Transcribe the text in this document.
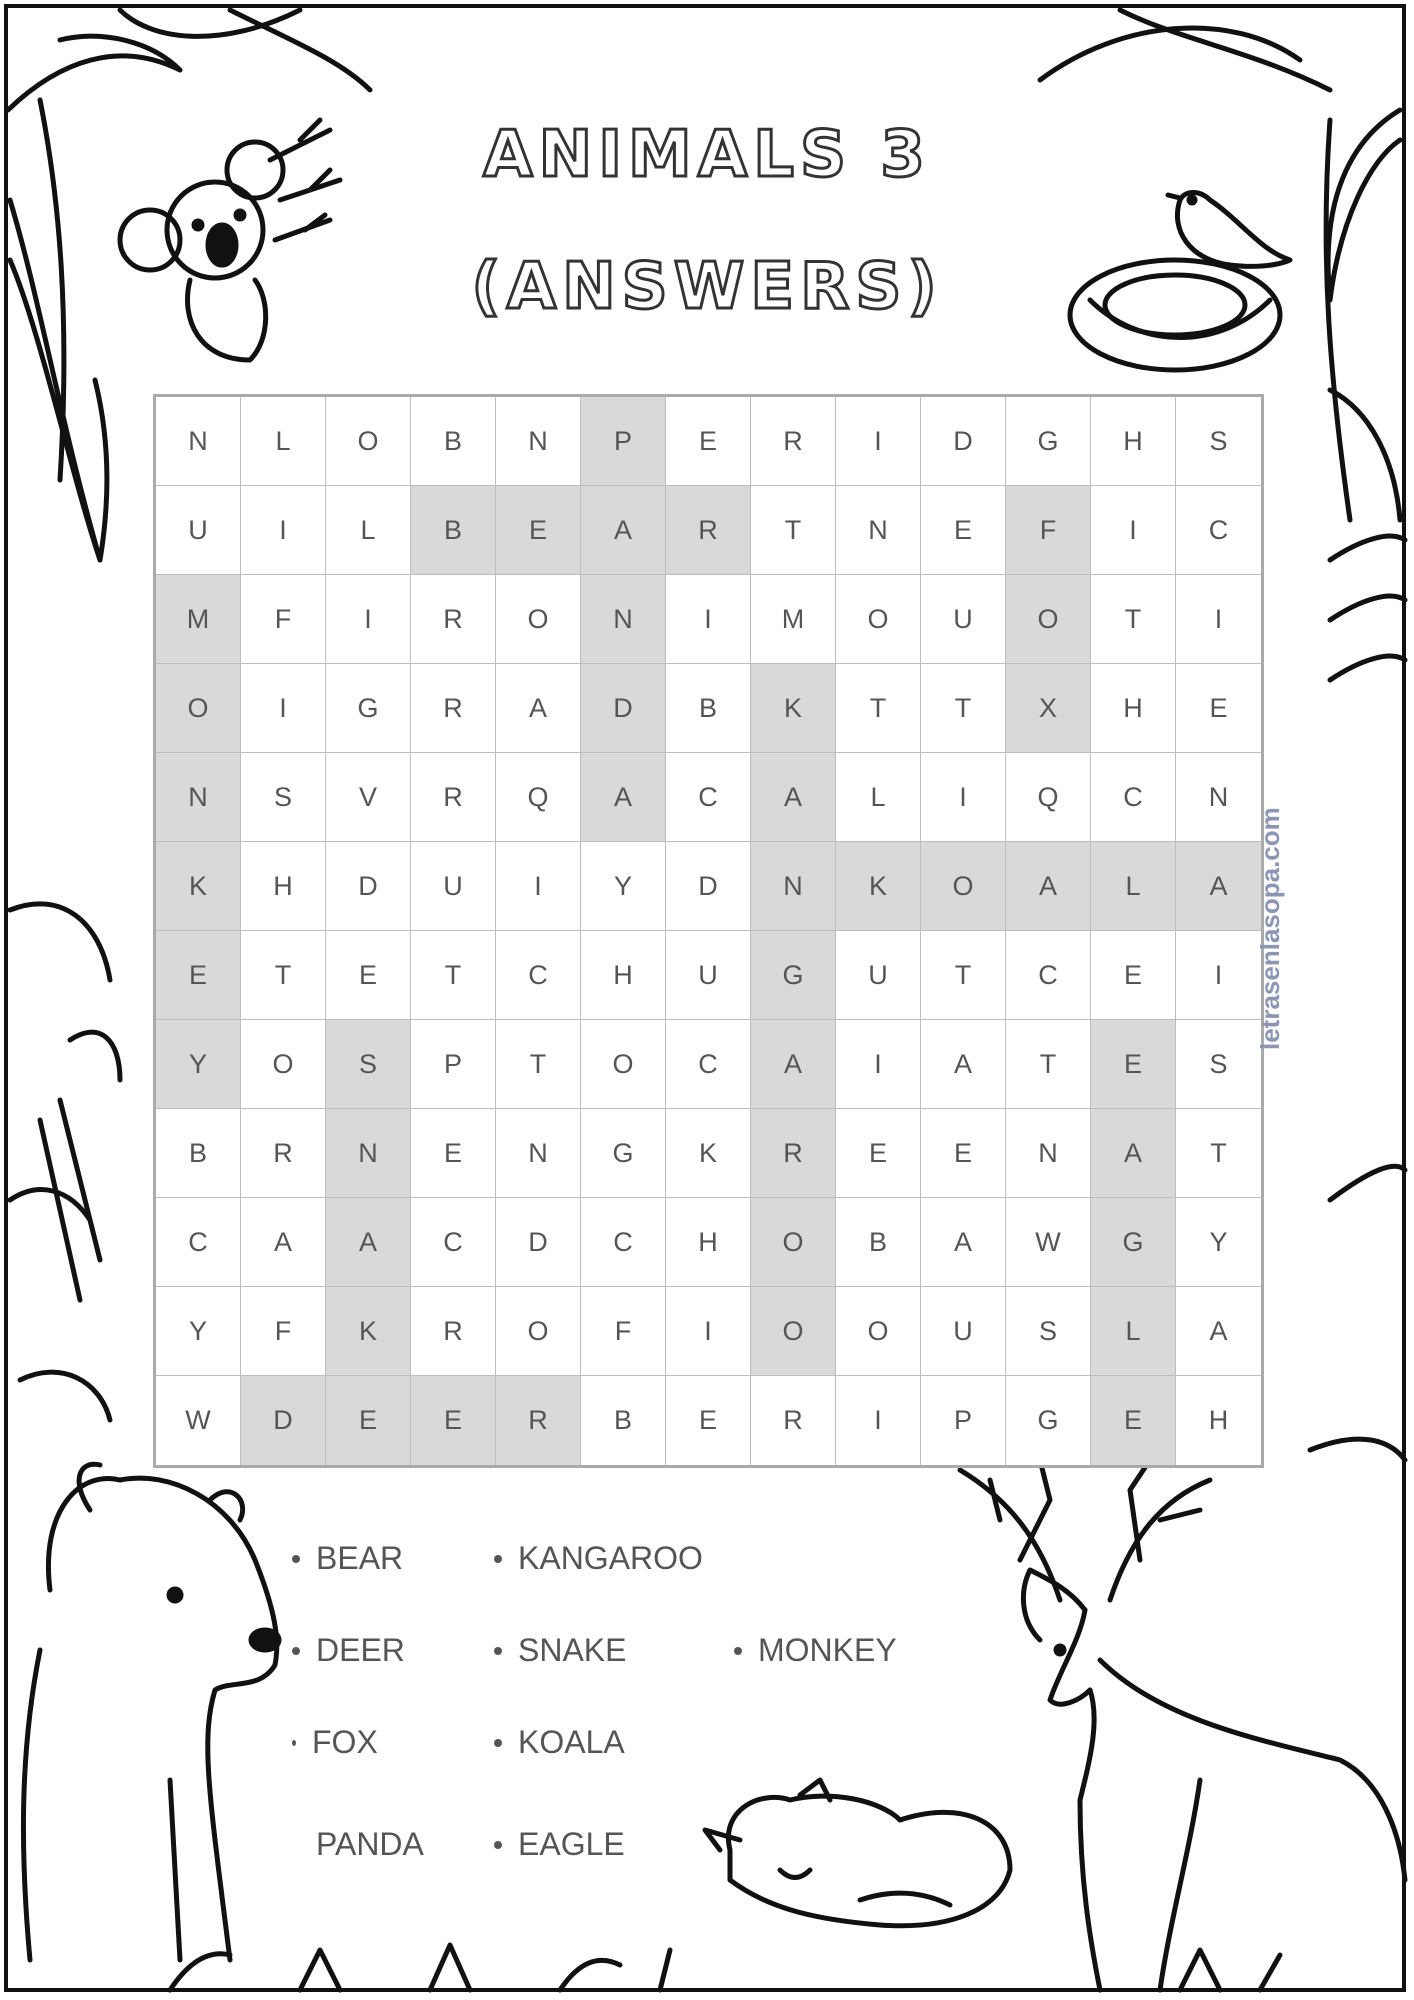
ANIMALS 3
(ANSWERS)
N	L	O	B	N	P	E	R	I	D	G	H	S
U	I	L	B	E	A	R	T	N	E	F	I	C
M	F	I	R	O	N	I	M	O	U	O	T	I
O	I	G	R	A	D	B	K	T	T	X	H	E
N	S	V	R	Q	A	C	A	L	I	Q	C	N
K	H	D	U	I	Y	D	N	K	O	A	L	A
E	T	E	T	C	H	U	G	U	T	C	E	I
Y	O	S	P	T	O	C	A	I	A	T	E	S
B	R	N	E	N	G	K	R	E	E	N	A	T
C	A	A	C	D	C	H	O	B	A	W	G	Y
Y	F	K	R	O	F	I	O	O	U	S	L	A
W	D	E	E	R	B	E	R	I	P	G	E	H
BEAR
DEER
FOX
PANDA
KANGAROO
SNAKE
KOALA
EAGLE
MONKEY
letrasenlasopa.com
